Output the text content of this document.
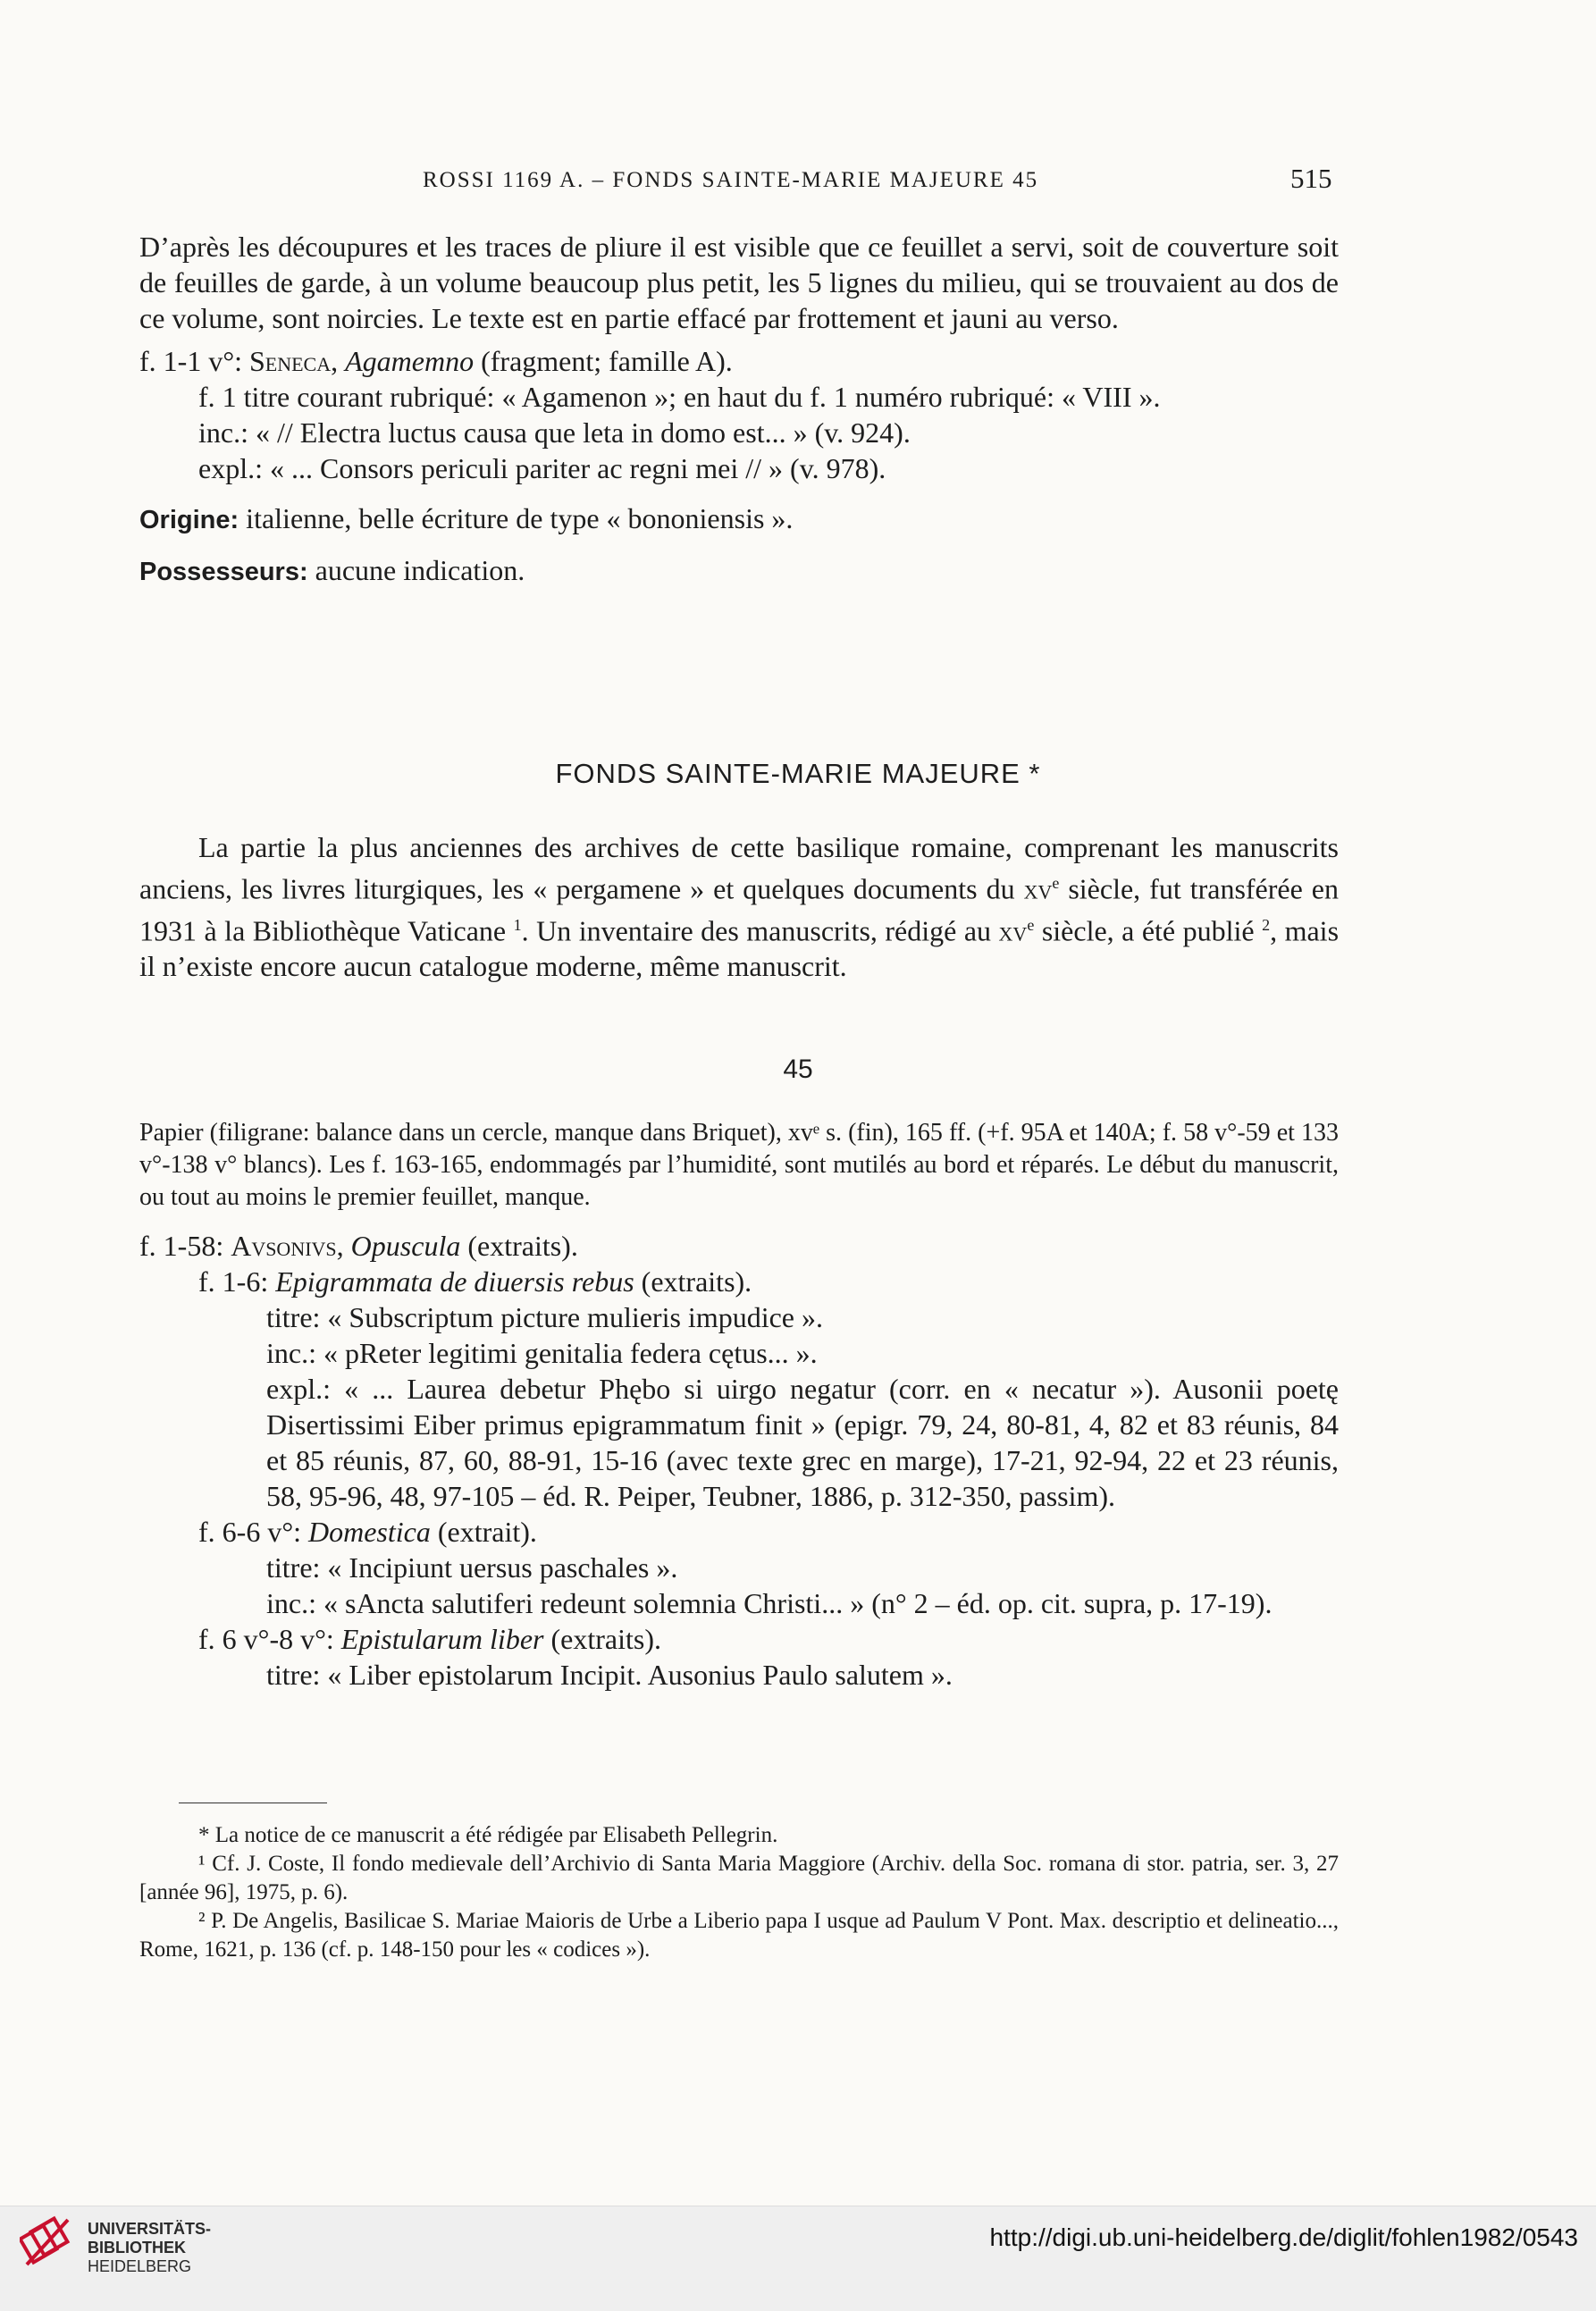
ROSSI 1169 A. – FONDS SAINTE-MARIE MAJEURE 45	515

D’après les découpures et les traces de pliure il est visible que ce feuillet a servi, soit de couverture soit de feuilles de garde, à un volume beaucoup plus petit, les 5 lignes du milieu, qui se trouvaient au dos de ce volume, sont noircies. Le texte est en partie effacé par frottement et jauni au verso.

f. 1-1 v°: Seneca, Agamemno (fragment; famille A).

f. 1 titre courant rubriqué: « Agamenon »; en haut du f. 1 numéro rubriqué: « VIII ».

inc.: « // Electra luctus causa que leta in domo est... » (v. 924).

expl.: « ... Consors periculi pariter ac regni mei // » (v. 978).

Origine: italienne, belle écriture de type « bononiensis ».

Possesseurs: aucune indication.

FONDS SAINTE-MARIE MAJEURE *

La partie la plus anciennes des archives de cette basilique romaine, comprenant les manuscrits anciens, les livres liturgiques, les « pergamene » et quelques documents du $xv^e$ siècle, fut transférée en 1931 à la Bibliothèque Vaticane $^1$. Un inventaire des manuscrits, rédigé au $xv^e$ siècle, a été publié $^2$, mais il n’existe encore aucun catalogue moderne, même manuscrit.

45

Papier (filigrane: balance dans un cercle, manque dans Briquet), xvᵉ s. (fin), 165 ff. (+f. 95A et 140A; f. 58 v°-59 et 133 v°-138 v° blancs). Les f. 163-165, endommagés par l’humidité, sont mutilés au bord et réparés. Le début du manuscrit, ou tout au moins le premier feuillet, manque.

f. 1-58: Avsonivs, Opuscula (extraits).

f. 1-6: Epigrammata de diuersis rebus (extraits).

titre: « Subscriptum picture mulieris impudice ».

inc.: « pReter legitimi genitalia federa cętus... ».

expl.: « ... Laurea debetur Phębo si uirgo negatur (corr. en « necatur »). Ausonii poetę Disertissimi Eiber primus epigrammatum finit » (epigr. 79, 24, 80-81, 4, 82 et 83 réunis, 84 et 85 réunis, 87, 60, 88-91, 15-16 (avec texte grec en marge), 17-21, 92-94, 22 et 23 réunis, 58, 95-96, 48, 97-105 – éd. R. Peiper, Teubner, 1886, p. 312-350, passim).

f. 6-6 v°: Domestica (extrait).

titre: « Incipiunt uersus paschales ».

inc.: « sAncta salutiferi redeunt solemnia Christi... » (n° 2 – éd. op. cit. supra, p. 17-19).

f. 6 v°-8 v°: Epistularum liber (extraits).

titre: « Liber epistolarum Incipit. Ausonius Paulo salutem ».

* La notice de ce manuscrit a été rédigée par Elisabeth Pellegrin.

¹ Cf. J. Coste, Il fondo medievale dell’Archivio di Santa Maria Maggiore (Archiv. della Soc. romana di stor. patria, ser. 3, 27 [année 96], 1975, p. 6).

² P. De Angelis, Basilicae S. Mariae Maioris de Urbe a Liberio papa I usque ad Paulum V Pont. Max. descriptio et delineatio..., Rome, 1621, p. 136 (cf. p. 148-150 pour les « codices »).

UNIVERSITÄTS-
BIBLIOTHEK
HEIDELBERG
http://digi.ub.uni-heidelberg.de/diglit/fohlen1982/0543
